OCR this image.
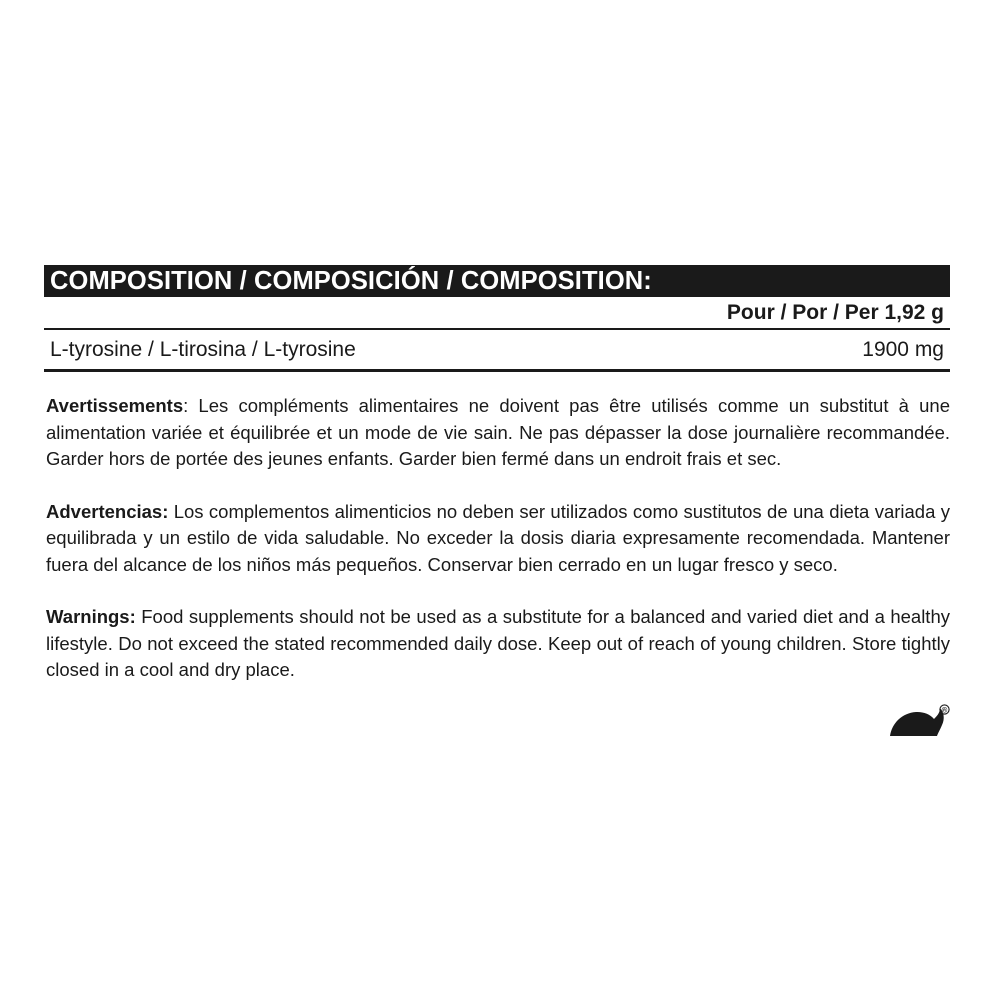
COMPOSITION / COMPOSICIÓN / COMPOSITION:
Pour / Por / Per 1,92 g
L-tyrosine / L-tirosina / L-tyrosine	1900 mg

Avertissements: Les compléments alimentaires ne doivent pas être utilisés comme un substitut à une alimentation variée et équilibrée et un mode de vie sain. Ne pas dépasser la dose journalière recommandée. Garder hors de portée des jeunes enfants. Garder bien fermé dans un endroit frais et sec.

Advertencias: Los complementos alimenticios no deben ser utilizados como sustitutos de una dieta variada y equilibrada y un estilo de vida saludable. No exceder la dosis diaria expresamente recomendada. Mantener fuera del alcance de los niños más pequeños. Conservar bien cerrado en un lugar fresco y seco.

Warnings: Food supplements should not be used as a substitute for a balanced and varied diet and a healthy lifestyle. Do not exceed the stated recommended daily dose. Keep out of reach of young children. Store tightly closed in a cool and dry place.

®
